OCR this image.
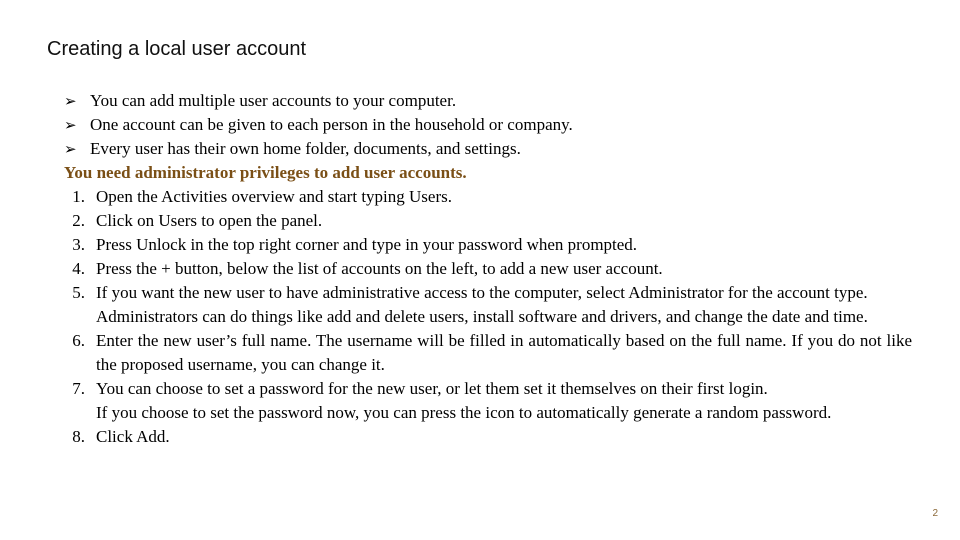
Creating a local user account
➢ You can add multiple user accounts to your computer.
➢ One account can be given to each person in the household or company.
➢ Every user has their own home folder, documents, and settings.

You need administrator privileges to add user accounts.

1. Open the Activities overview and start typing Users.

2. Click on Users to open the panel.

3. Press Unlock in the top right corner and type in your password when prompted.

4. Press the + button, below the list of accounts on the left, to add a new user account.

5. If you want the new user to have administrative access to the computer, select Administrator for the account type.

Administrators can do things like add and delete users, install software and drivers, and change the date and time.

6. Enter the new user’s full name. The username will be filled in automatically based on the full name. If you do not like the proposed username, you can change it.

7. You can choose to set a password for the new user, or let them set it themselves on their first login.

If you choose to set the password now, you can press the icon to automatically generate a random password.

8. Click Add.

2
